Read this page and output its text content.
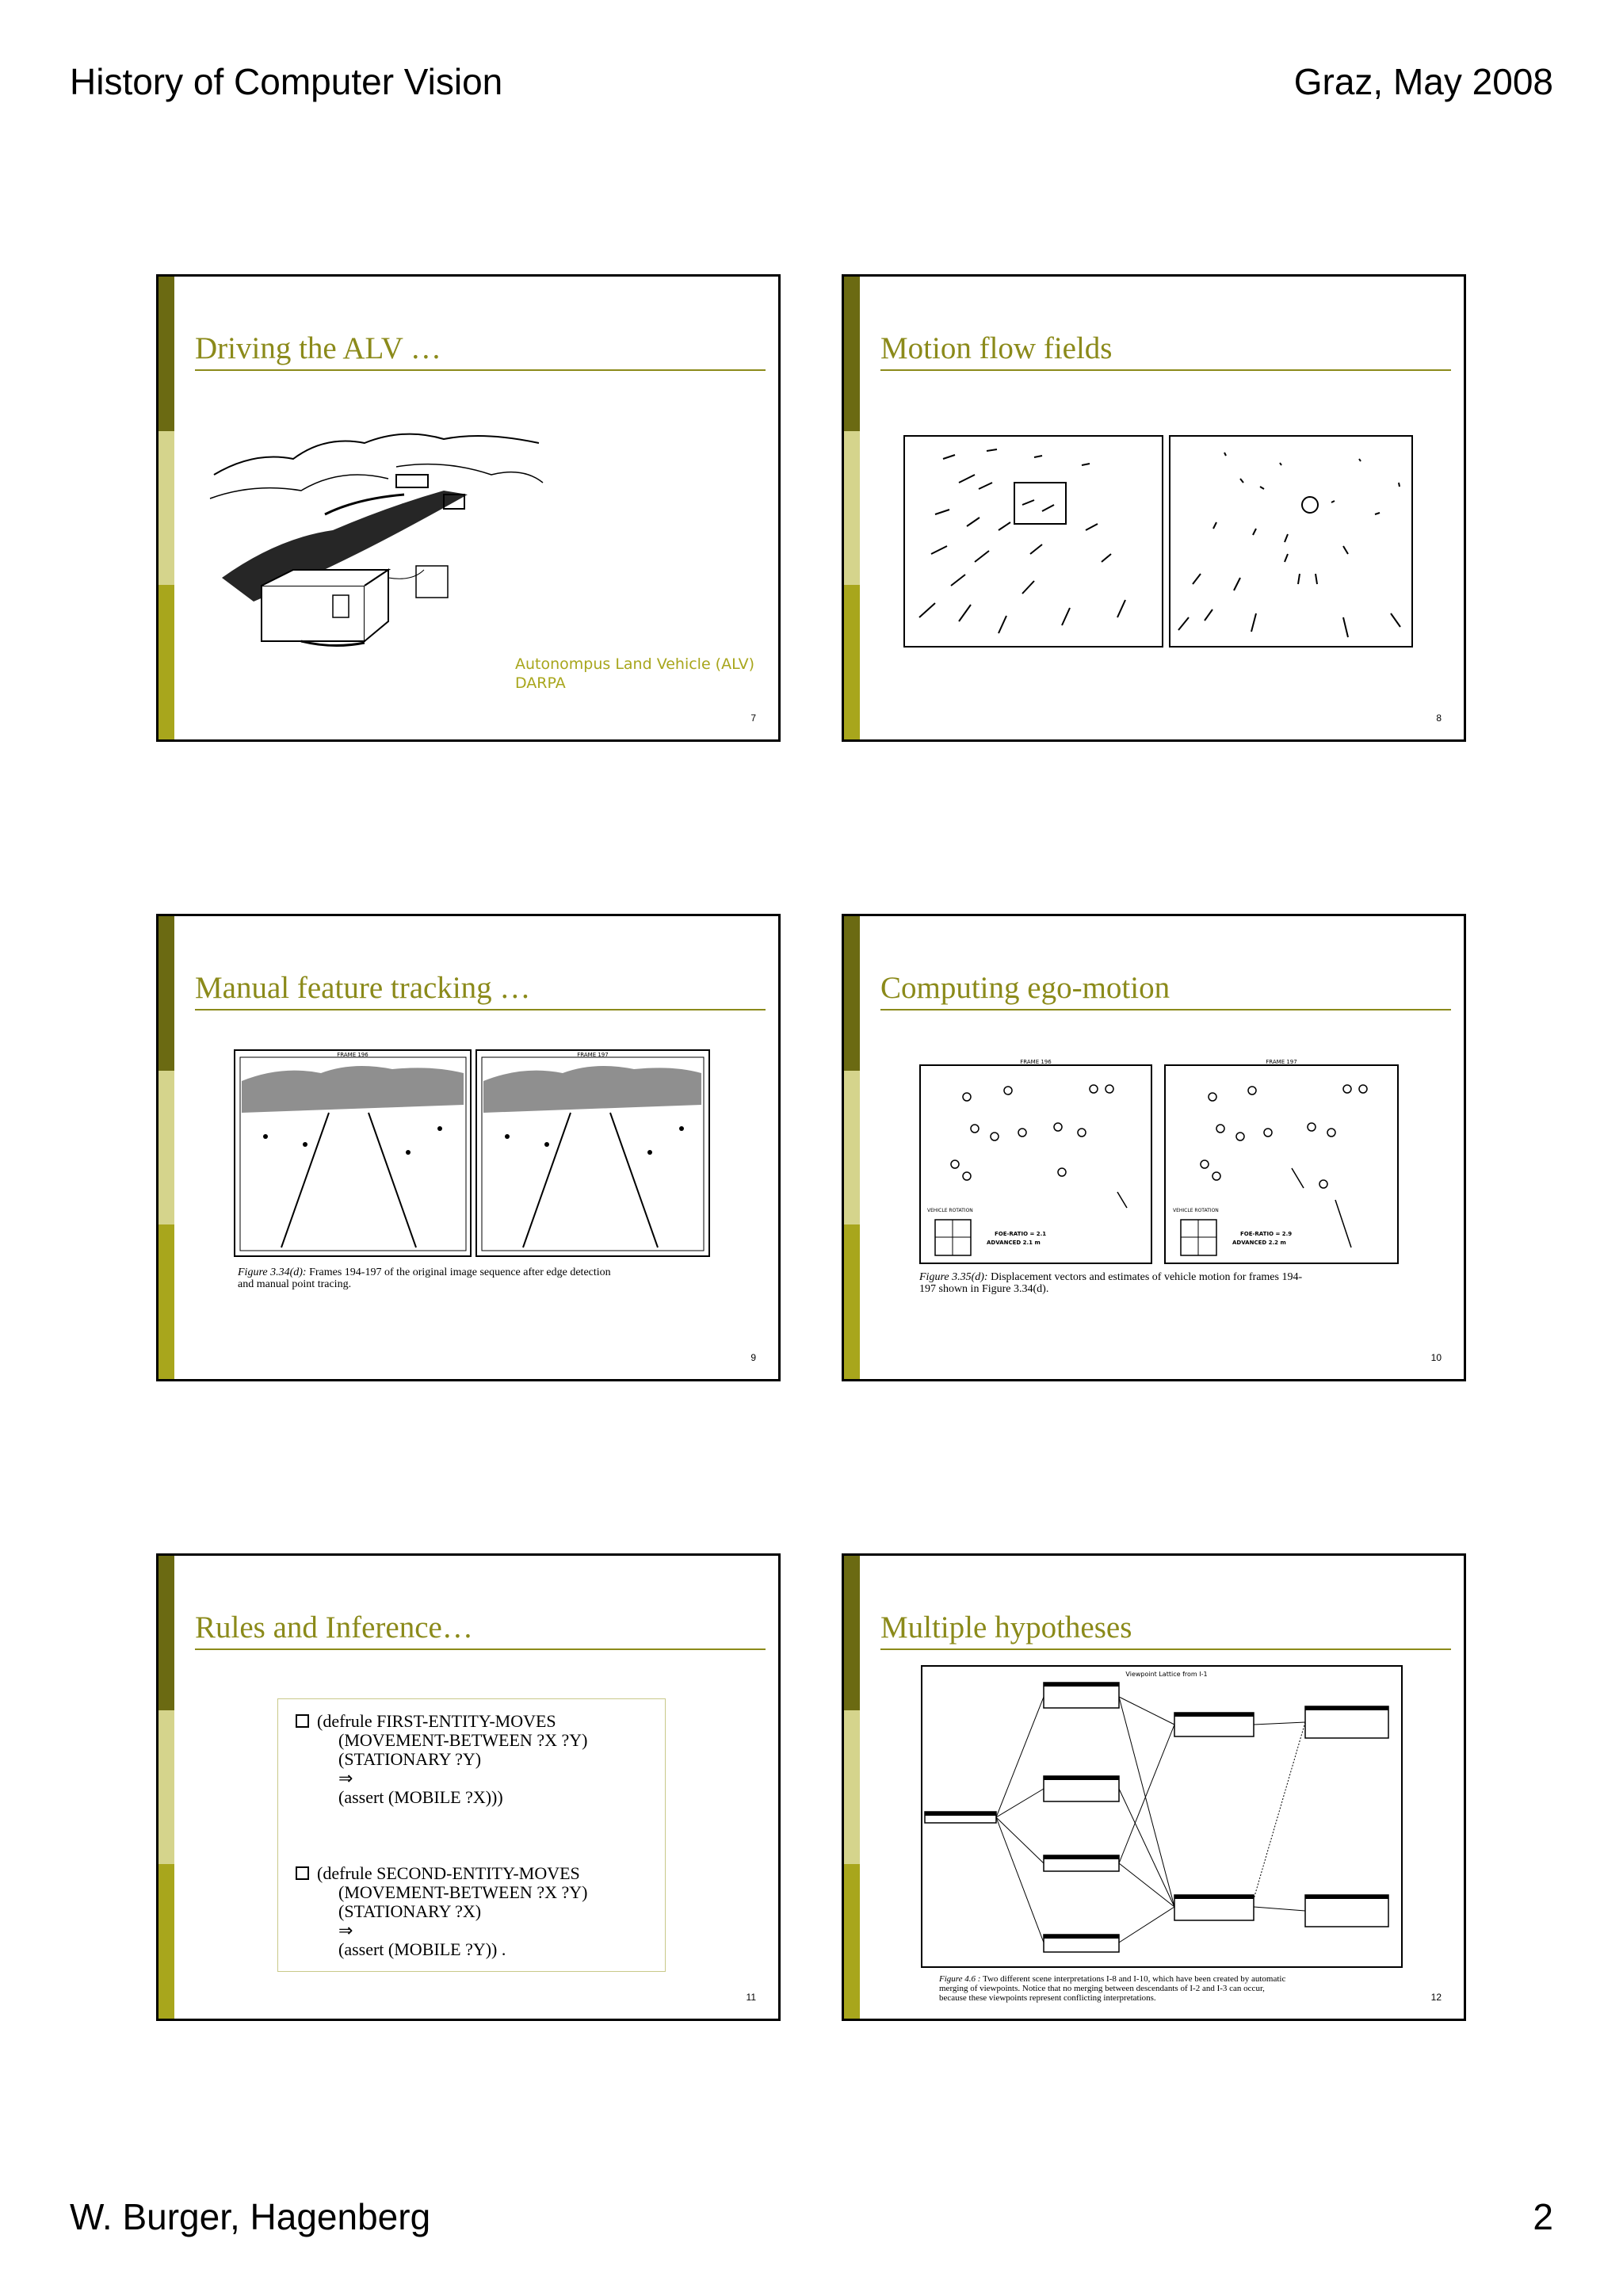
History of Computer Vision	Graz, May 2008
Driving the ALV …
Autonompus Land Vehicle (ALV)
DARPA
7
Motion flow fields
8
Manual feature tracking …
FRAME 196	FRAME 197
Figure 3.34(d): Frames 194-197 of the original image sequence after edge detection
and manual point tracing.
9
Computing ego-motion
FRAME 196	FRAME 197
VEHICLE ROTATION	VEHICLE ROTATION
FOE-RATIO = 2.1
ADVANCED 2.1 m
FOE-RATIO = 2.9
ADVANCED 2.2 m
Figure 3.35(d): Displacement vectors and estimates of vehicle motion for frames 194-
197 shown in Figure 3.34(d).
10
Rules and Inference…
(defrule FIRST-ENTITY-MOVES
(MOVEMENT-BETWEEN ?X ?Y)
(STATIONARY ?Y)
⇒
(assert (MOBILE ?X)))
(defrule SECOND-ENTITY-MOVES
(MOVEMENT-BETWEEN ?X ?Y)
(STATIONARY ?X)
⇒
(assert (MOBILE ?Y)) .
11
Multiple hypotheses
Viewpoint Lattice from I-1
Figure 4.6 : Two different scene interpretations I-8 and I-10, which have been created by automatic
merging of viewpoints. Notice that no merging between descendants of I-2 and I-3 can occur,
because these viewpoints represent conflicting interpretations.	12
W. Burger, Hagenberg	2
